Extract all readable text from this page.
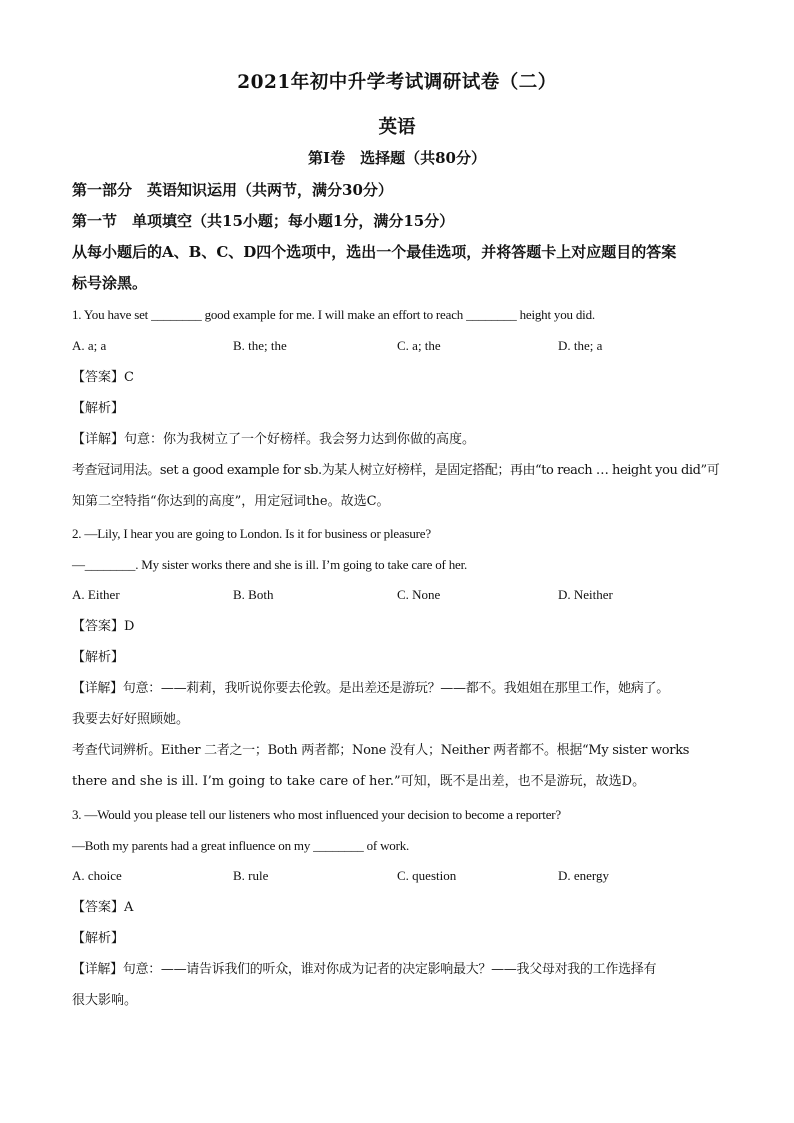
2021年初中升学考试调研试卷（二）
英语
第I卷　选择题（共80分）
第一部分　英语知识运用（共两节，满分30分）
第一节　单项填空（共15小题；每小题1分，满分15分）
从每小题后的A、B、C、D四个选项中，选出一个最佳选项，并将答题卡上对应题目的答案
标号涂黑。
1. You have set ________ good example for me. I will make an effort to reach ________ height you did.
A. a; a	B. the; the	C. a; the	D. the; a
【答案】C
【解析】
【详解】句意：你为我树立了一个好榜样。我会努力达到你做的高度。
考查冠词用法。set a good example for sb.为某人树立好榜样，是固定搭配；再由“to reach … height you did”可
知第二空特指“你达到的高度”，用定冠词the。故选C。
2. —Lily, I hear you are going to London. Is it for business or pleasure?
—________. My sister works there and she is ill. I’m going to take care of her.
A. Either	B. Both	C. None	D. Neither
【答案】D
【解析】
【详解】句意：——莉莉，我听说你要去伦敦。是出差还是游玩？——都不。我姐姐在那里工作，她病了。
我要去好好照顾她。
考查代词辨析。Either 二者之一；Both 两者都；None 没有人；Neither 两者都不。根据“My sister works
there and she is ill. I’m going to take care of her.”可知，既不是出差，也不是游玩，故选D。
3. —Would you please tell our listeners who most influenced your decision to become a reporter?
—Both my parents had a great influence on my ________ of work.
A. choice	B. rule	C. question	D. energy
【答案】A
【解析】
【详解】句意：——请告诉我们的听众，谁对你成为记者的决定影响最大？——我父母对我的工作选择有
很大影响。
